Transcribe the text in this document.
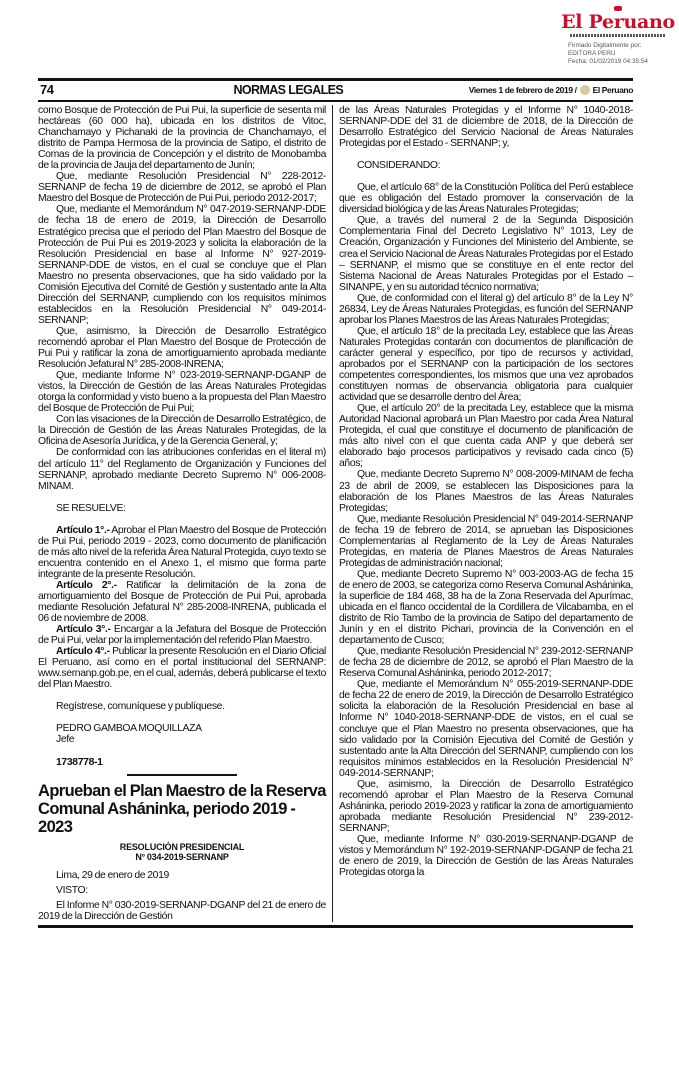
El Peruano
Firmado Digitalmente por:
EDITORA PERU
Fecha: 01/02/2019 04:35:54
74	NORMAS LEGALES	Viernes 1 de febrero de 2019 / El Peruano

como Bosque de Protección de Pui Pui, la superficie de sesenta mil hectáreas (60 000 ha), ubicada en los distritos de Vitoc, Chanchamayo y Pichanaki de la provincia de Chanchamayo, el distrito de Pampa Hermosa de la provincia de Satipo, el distrito de Comas de la provincia de Concepción y el distrito de Monobamba de la provincia de Jauja del departamento de Junín;

Que, mediante Resolución Presidencial N° 228-2012-SERNANP de fecha 19 de diciembre de 2012, se aprobó el Plan Maestro del Bosque de Protección de Pui Pui, periodo 2012-2017;

Que, mediante el Memorándum N° 047-2019-SERNANP-DDE de fecha 18 de enero de 2019, la Dirección de Desarrollo Estratégico precisa que el periodo del Plan Maestro del Bosque de Protección de Pui Pui es 2019-2023 y solicita la elaboración de la Resolución Presidencial en base al Informe N° 927-2019-SERNANP-DDE de vistos, en el cual se concluye que el Plan Maestro no presenta observaciones, que ha sido validado por la Comisión Ejecutiva del Comité de Gestión y sustentado ante la Alta Dirección del SERNANP, cumpliendo con los requisitos mínimos establecidos en la Resolución Presidencial N° 049-2014-SERNANP;

Que, asimismo, la Dirección de Desarrollo Estratégico recomendó aprobar el Plan Maestro del Bosque de Protección de Pui Pui y ratificar la zona de amortiguamiento aprobada mediante Resolución Jefatural N° 285-2008-INRENA;

Que, mediante Informe N° 023-2019-SERNANP-DGANP de vistos, la Dirección de Gestión de las Áreas Naturales Protegidas otorga la conformidad y visto bueno a la propuesta del Plan Maestro del Bosque de Protección de Pui Pui;

Con las visaciones de la Dirección de Desarrollo Estratégico, de la Dirección de Gestión de las Áreas Naturales Protegidas, de la Oficina de Asesoría Jurídica, y de la Gerencia General, y;

De conformidad con las atribuciones conferidas en el literal m) del artículo 11° del Reglamento de Organización y Funciones del SERNANP, aprobado mediante Decreto Supremo N° 006-2008-MINAM.

SE RESUELVE:

Artículo 1°.- Aprobar el Plan Maestro del Bosque de Protección de Pui Pui, periodo 2019 - 2023, como documento de planificación de más alto nivel de la referida Área Natural Protegida, cuyo texto se encuentra contenido en el Anexo 1, el mismo que forma parte integrante de la presente Resolución.

Artículo 2°.- Ratificar la delimitación de la zona de amortiguamiento del Bosque de Protección de Pui Pui, aprobada mediante Resolución Jefatural N° 285-2008-INRENA, publicada el 06 de noviembre de 2008.

Artículo 3°.- Encargar a la Jefatura del Bosque de Protección de Pui Pui, velar por la implementación del referido Plan Maestro.

Artículo 4°.- Publicar la presente Resolución en el Diario Oficial El Peruano, así como en el portal institucional del SERNANP: www.sernanp.gob.pe, en el cual, además, deberá publicarse el texto del Plan Maestro.

Regístrese, comuníquese y publíquese.

PEDRO GAMBOA MOQUILLAZA

Jefe

1738778-1

Aprueban el Plan Maestro de la Reserva Comunal Asháninka, periodo 2019 - 2023
RESOLUCIÓN PRESIDENCIAL
N° 034-2019-SERNANP

Lima, 29 de enero de 2019

VISTO:

El Informe N° 030-2019-SERNANP-DGANP del 21 de enero de 2019 de la Dirección de Gestión

de las Áreas Naturales Protegidas y el Informe N° 1040-2018-SERNANP-DDE del 31 de diciembre de 2018, de la Dirección de Desarrollo Estratégico del Servicio Nacional de Áreas Naturales Protegidas por el Estado - SERNANP; y,

CONSIDERANDO:

Que, el artículo 68° de la Constitución Política del Perú establece que es obligación del Estado promover la conservación de la diversidad biológica y de las Áreas Naturales Protegidas;

Que, a través del numeral 2 de la Segunda Disposición Complementaria Final del Decreto Legislativo N° 1013, Ley de Creación, Organización y Funciones del Ministerio del Ambiente, se crea el Servicio Nacional de Áreas Naturales Protegidas por el Estado – SERNANP, el mismo que se constituye en el ente rector del Sistema Nacional de Áreas Naturales Protegidas por el Estado – SINANPE, y en su autoridad técnico normativa;

Que, de conformidad con el literal g) del artículo 8° de la Ley N° 26834, Ley de Áreas Naturales Protegidas, es función del SERNANP aprobar los Planes Maestros de las Áreas Naturales Protegidas;

Que, el artículo 18° de la precitada Ley, establece que las Áreas Naturales Protegidas contarán con documentos de planificación de carácter general y específico, por tipo de recursos y actividad, aprobados por el SERNANP con la participación de los sectores competentes correspondientes, los mismos que una vez aprobados constituyen normas de observancia obligatoria para cualquier actividad que se desarrolle dentro del Área;

Que, el artículo 20° de la precitada Ley, establece que la misma Autoridad Nacional aprobará un Plan Maestro por cada Área Natural Protegida, el cual que constituye el documento de planificación de más alto nivel con el que cuenta cada ANP y que deberá ser elaborado bajo procesos participativos y revisado cada cinco (5) años;

Que, mediante Decreto Supremo N° 008-2009-MINAM de fecha 23 de abril de 2009, se establecen las Disposiciones para la elaboración de los Planes Maestros de las Áreas Naturales Protegidas;

Que, mediante Resolución Presidencial N° 049-2014-SERNANP de fecha 19 de febrero de 2014, se aprueban las Disposiciones Complementarias al Reglamento de la Ley de Áreas Naturales Protegidas, en materia de Planes Maestros de Áreas Naturales Protegidas de administración nacional;

Que, mediante Decreto Supremo N° 003-2003-AG de fecha 15 de enero de 2003, se categoriza como Reserva Comunal Asháninka, la superficie de 184 468, 38 ha de la Zona Reservada del Apurímac, ubicada en el flanco occidental de la Cordillera de Vilcabamba, en el distrito de Río Tambo de la provincia de Satipo del departamento de Junín y en el distrito Pichari, provincia de la Convención en el departamento de Cusco;

Que, mediante Resolución Presidencial N° 239-2012-SERNANP de fecha 28 de diciembre de 2012, se aprobó el Plan Maestro de la Reserva Comunal Asháninka, periodo 2012-2017;

Que, mediante el Memorándum N° 055-2019-SERNANP-DDE de fecha 22 de enero de 2019, la Dirección de Desarrollo Estratégico solicita la elaboración de la Resolución Presidencial en base al Informe N° 1040-2018-SERNANP-DDE de vistos, en el cual se concluye que el Plan Maestro no presenta observaciones, que ha sido validado por la Comisión Ejecutiva del Comité de Gestión y sustentado ante la Alta Dirección del SERNANP, cumpliendo con los requisitos mínimos establecidos en la Resolución Presidencial N° 049-2014-SERNANP;

Que, asimismo, la Dirección de Desarrollo Estratégico recomendó aprobar el Plan Maestro de la Reserva Comunal Asháninka, periodo 2019-2023 y ratificar la zona de amortiguamiento aprobada mediante Resolución Presidencial N° 239-2012-SERNANP;

Que, mediante Informe N° 030-2019-SERNANP-DGANP de vistos y Memorándum N° 192-2019-SERNANP-DGANP de fecha 21 de enero de 2019, la Dirección de Gestión de las Áreas Naturales Protegidas otorga la
